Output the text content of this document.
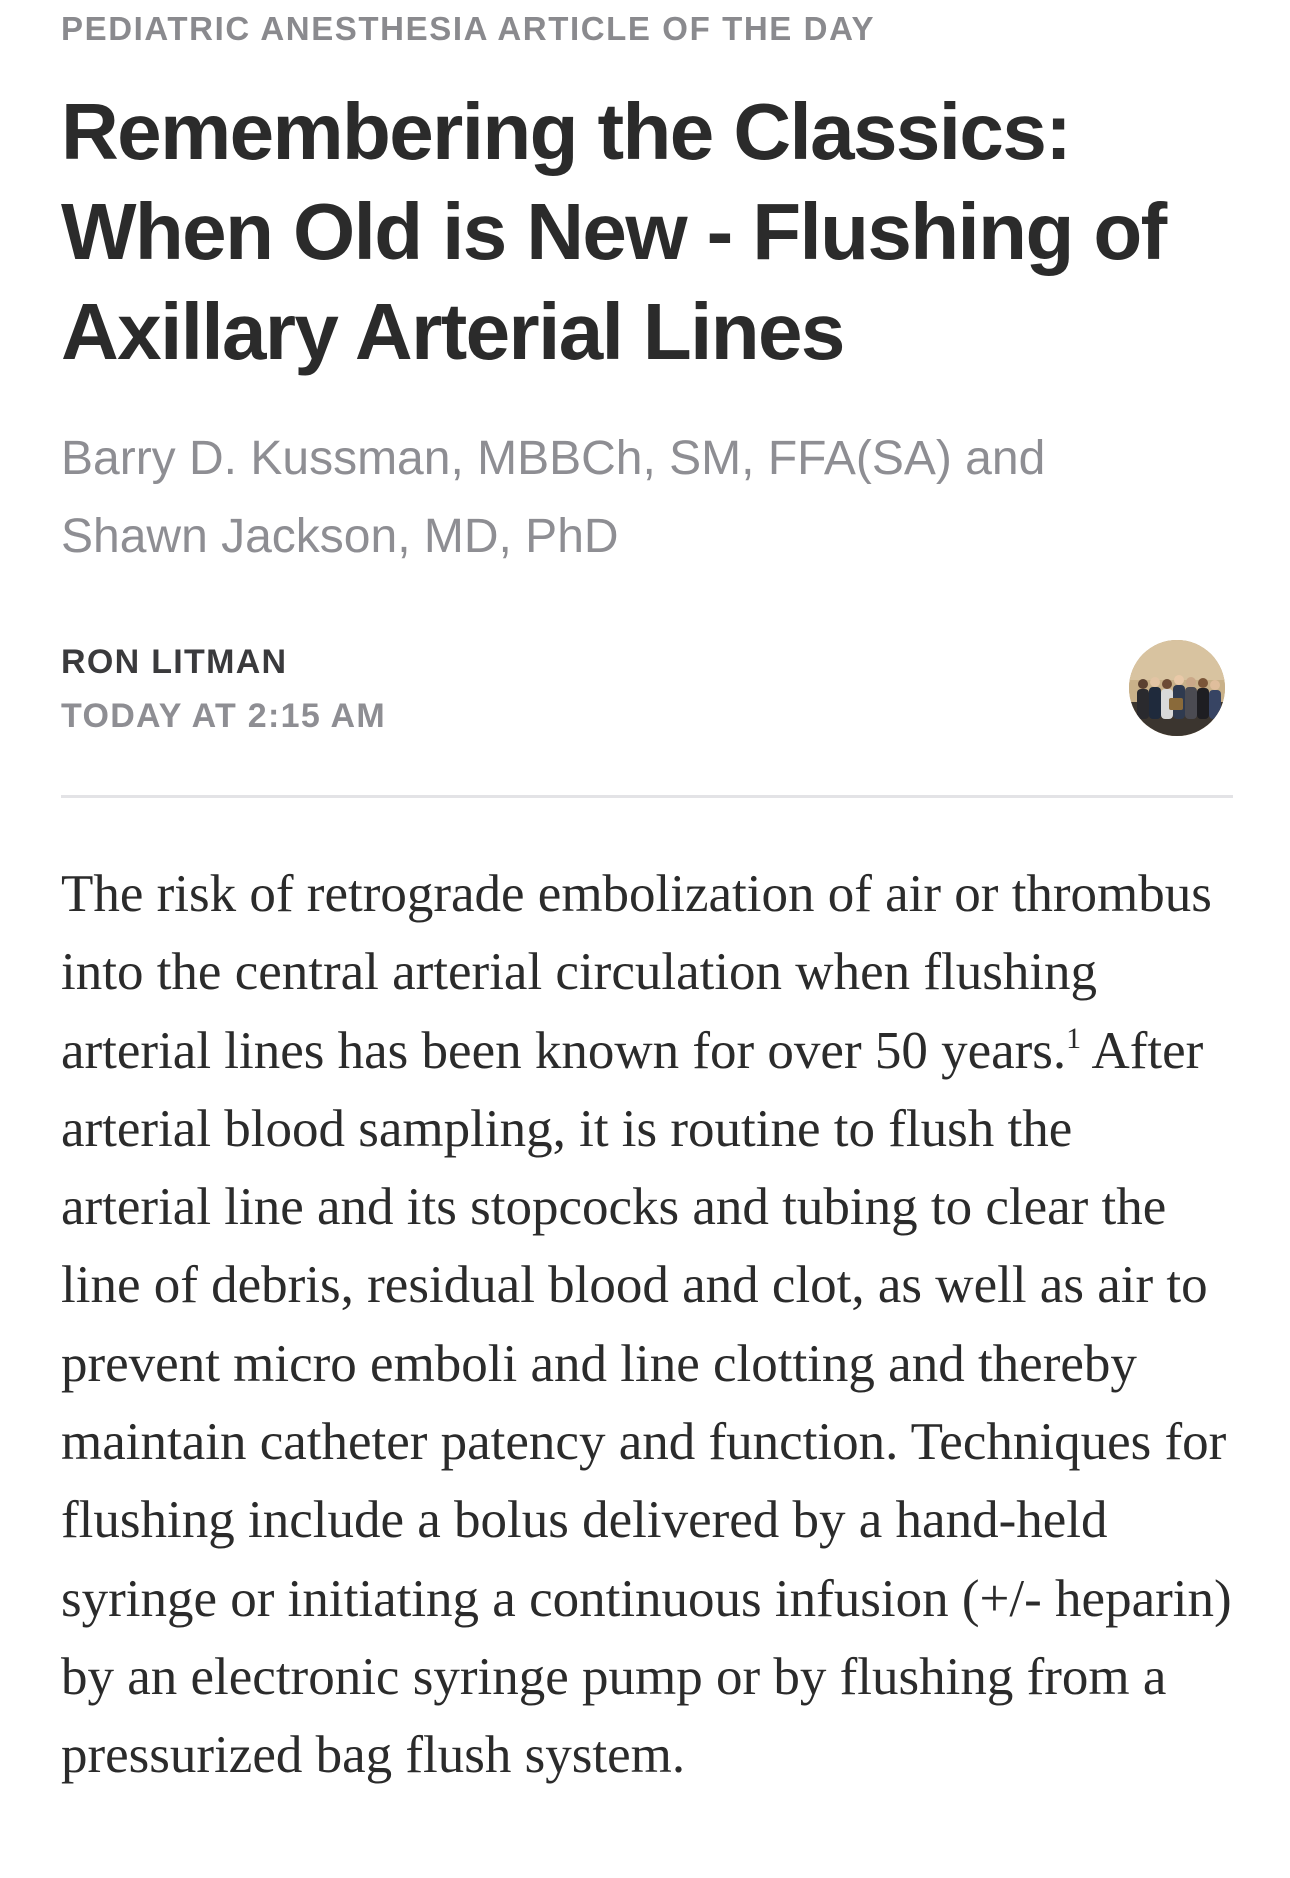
PEDIATRIC ANESTHESIA ARTICLE OF THE DAY
Remembering the Classics: When Old is New - Flushing of Axillary Arterial Lines

Barry D. Kussman, MBBCh, SM, FFA(SA) and Shawn Jackson, MD, PhD

RON LITMAN
TODAY AT 2:15 AM

The risk of retrograde embolization of air or thrombus into the central arterial circulation when flushing arterial lines has been known for over 50 years.$^1$ After arterial blood sampling, it is routine to flush the arterial line and its stopcocks and tubing to clear the line of debris, residual blood and clot, as well as air to prevent micro emboli and line clotting and thereby maintain catheter patency and function. Techniques for flushing include a bolus delivered by a hand-held syringe or initiating a continuous infusion (+/- heparin) by an electronic syringe pump or by flushing from a pressurized bag flush system.
